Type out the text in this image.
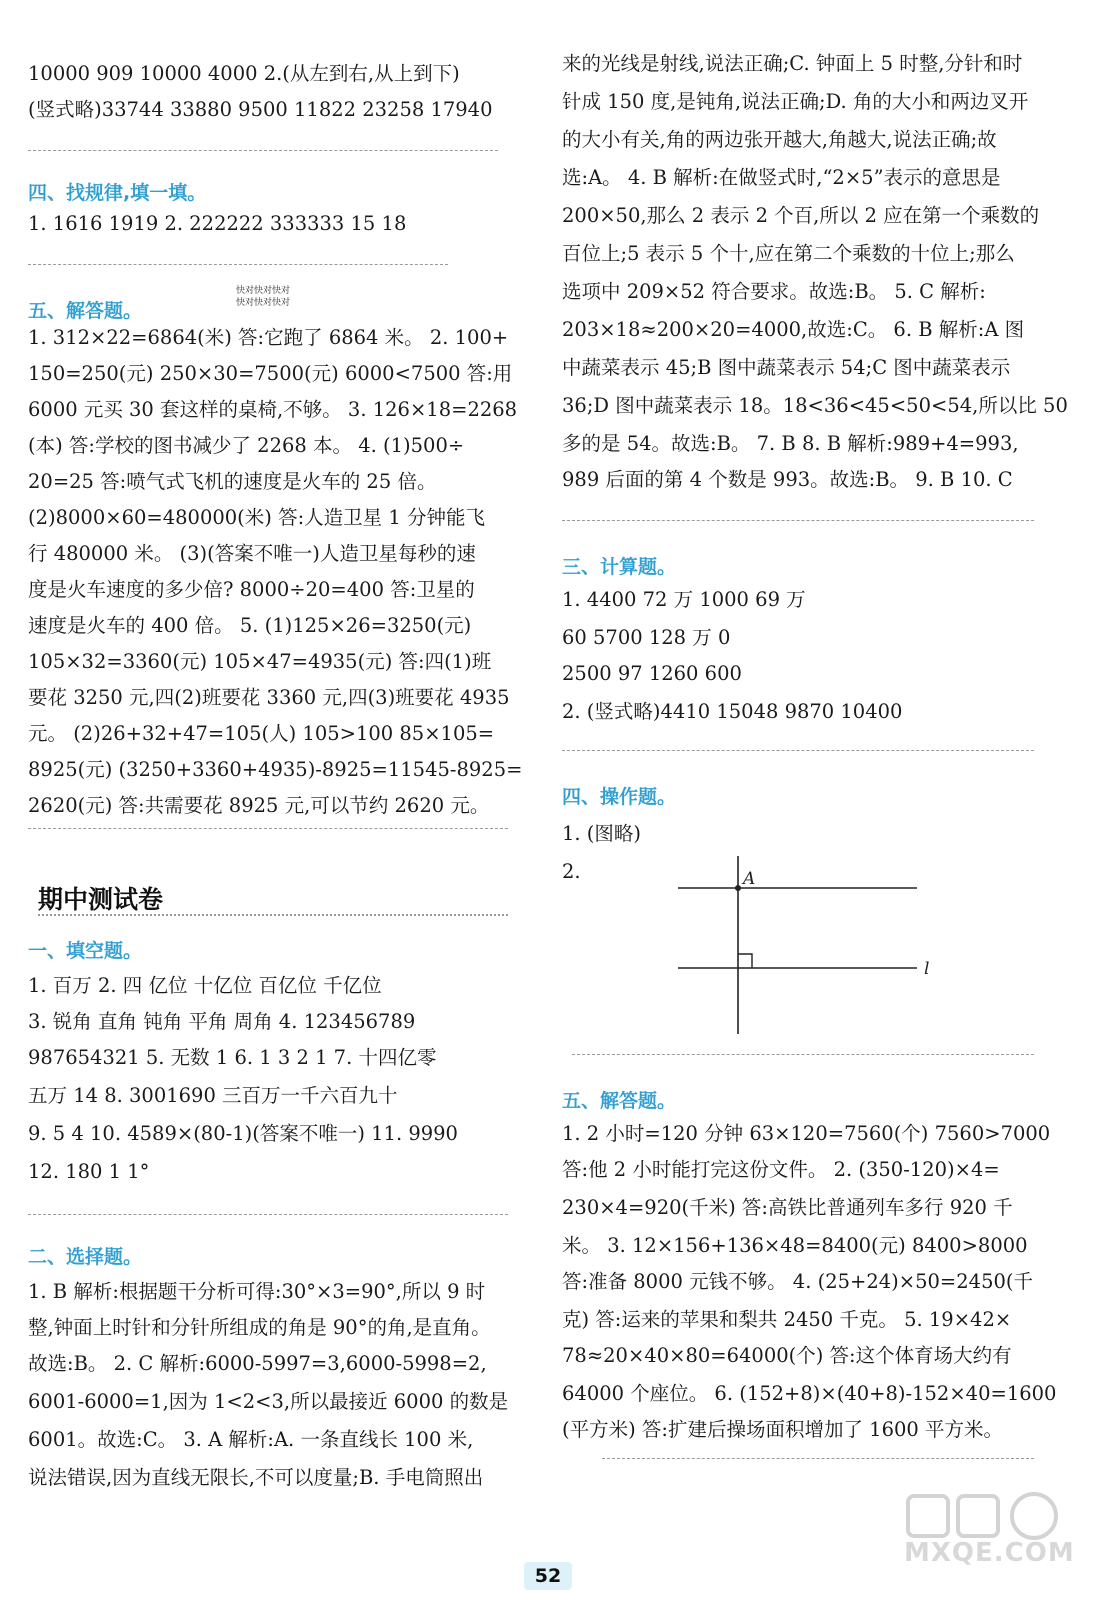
10000 909 10000 4000 2.(从左到右,从上到下)
(竖式略)33744 33880 9500 11822 23258 17940
四、找规律,填一填。
1. 1616 1919 2. 222222 333333 15 18
五、解答题。
快对快对快对
快对快对快对
1. 312×22=6864(米) 答:它跑了 6864 米。 2. 100+
150=250(元) 250×30=7500(元) 6000<7500 答:用
6000 元买 30 套这样的桌椅,不够。 3. 126×18=2268
(本) 答:学校的图书减少了 2268 本。 4. (1)500÷
20=25 答:喷气式飞机的速度是火车的 25 倍。
(2)8000×60=480000(米) 答:人造卫星 1 分钟能飞
行 480000 米。 (3)(答案不唯一)人造卫星每秒的速
度是火车速度的多少倍? 8000÷20=400 答:卫星的
速度是火车的 400 倍。 5. (1)125×26=3250(元)
105×32=3360(元) 105×47=4935(元) 答:四(1)班
要花 3250 元,四(2)班要花 3360 元,四(3)班要花 4935
元。 (2)26+32+47=105(人) 105>100 85×105=
8925(元) (3250+3360+4935)-8925=11545-8925=
2620(元) 答:共需要花 8925 元,可以节约 2620 元。
期中测试卷
一、填空题。
1. 百万 2. 四 亿位 十亿位 百亿位 千亿位
3. 锐角 直角 钝角 平角 周角 4. 123456789
987654321 5. 无数 1 6. 1 3 2 1 7. 十四亿零
五万 14 8. 3001690 三百万一千六百九十
9. 5 4 10. 4589×(80-1)(答案不唯一) 11. 9990
12. 180 1 1°
二、选择题。
1. B 解析:根据题干分析可得:30°×3=90°,所以 9 时
整,钟面上时针和分针所组成的角是 90°的角,是直角。
故选:B。 2. C 解析:6000-5997=3,6000-5998=2,
6001-6000=1,因为 1<2<3,所以最接近 6000 的数是
6001。故选:C。 3. A 解析:A. 一条直线长 100 米,
说法错误,因为直线无限长,不可以度量;B. 手电筒照出
来的光线是射线,说法正确;C. 钟面上 5 时整,分针和时
针成 150 度,是钝角,说法正确;D. 角的大小和两边叉开
的大小有关,角的两边张开越大,角越大,说法正确;故
选:A。 4. B 解析:在做竖式时,“2×5”表示的意思是
200×50,那么 2 表示 2 个百,所以 2 应在第一个乘数的
百位上;5 表示 5 个十,应在第二个乘数的十位上;那么
选项中 209×52 符合要求。故选:B。 5. C 解析:
203×18≈200×20=4000,故选:C。 6. B 解析:A 图
中蔬菜表示 45;B 图中蔬菜表示 54;C 图中蔬菜表示
36;D 图中蔬菜表示 18。18<36<45<50<54,所以比 50
多的是 54。故选:B。 7. B 8. B 解析:989+4=993,
989 后面的第 4 个数是 993。故选:B。 9. B 10. C
三、计算题。
1. 4400 72 万 1000 69 万
60 5700 128 万 0
2500 97 1260 600
2. (竖式略)4410 15048 9870 10400
四、操作题。
1. (图略)
2.	A
l
五、解答题。
1. 2 小时=120 分钟 63×120=7560(个) 7560>7000
答:他 2 小时能打完这份文件。 2. (350-120)×4=
230×4=920(千米) 答:高铁比普通列车多行 920 千
米。 3. 12×156+136×48=8400(元) 8400>8000
答:准备 8000 元钱不够。 4. (25+24)×50=2450(千
克) 答:运来的苹果和梨共 2450 千克。 5. 19×42×
78≈20×40×80=64000(个) 答:这个体育场大约有
64000 个座位。 6. (152+8)×(40+8)-152×40=1600
(平方米) 答:扩建后操场面积增加了 1600 平方米。
52
MXQE.COM
